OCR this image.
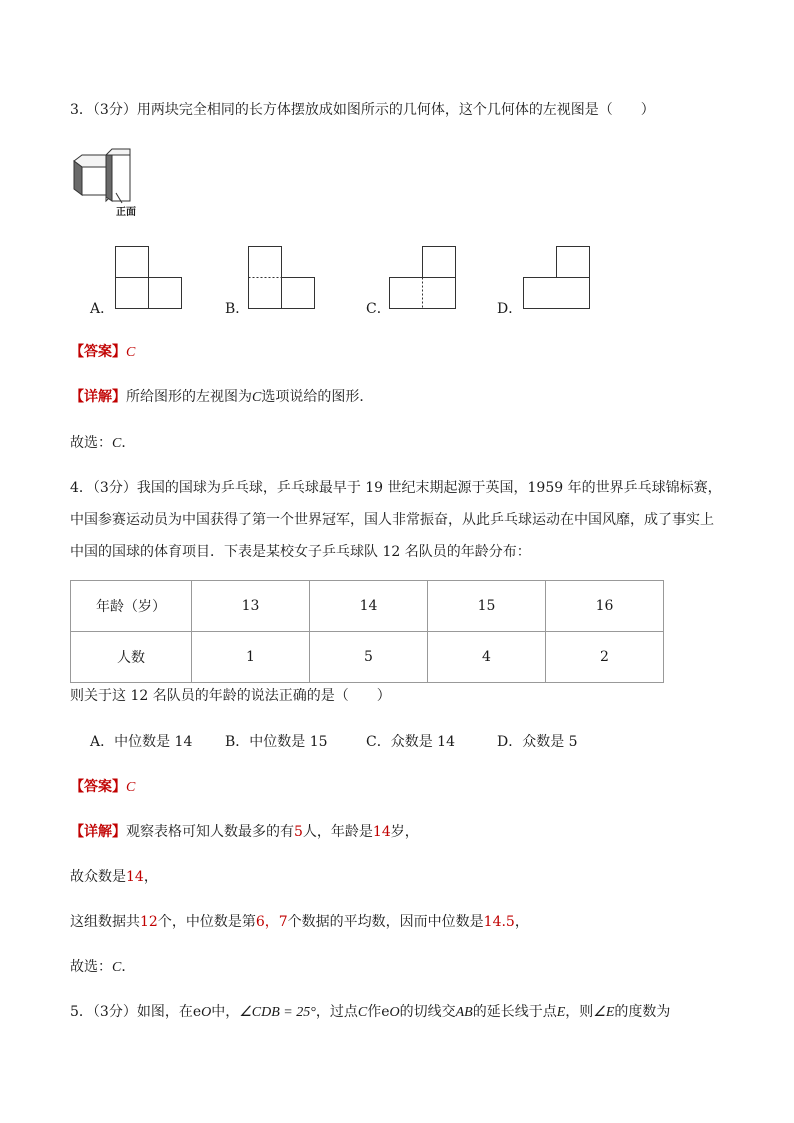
3．（3分）用两块完全相同的长方体摆放成如图所示的几何体，这个几何体的左视图是（　　）
正面
A．	B．	C．	D．
【答案】C
【详解】所给图形的左视图为C选项说给的图形．
故选：C．
4．（3分）我国的国球为乒乓球，乒乓球最早于 19 世纪末期起源于英国，1959 年的世界乒乓球锦标赛，
中国参赛运动员为中国获得了第一个世界冠军，国人非常振奋，从此乒乓球运动在中国风靡，成了事实上
中国的国球的体育项目．下表是某校女子乒乓球队 12 名队员的年龄分布：
年龄（岁）	13	14	15	16
人数	1	5	4	2
则关于这 12 名队员的年龄的说法正确的是（　　）
A．中位数是 14 B．中位数是 15	C．众数是 14	D．众数是 5
【答案】C
【详解】观察表格可知人数最多的有5人，年龄是14岁，
故众数是14，
这组数据共12个，中位数是第6，7个数据的平均数，因而中位数是14.5，
故选：C．
5．（3分）如图，在eO中，∠CDB = 25°，过点C作eO的切线交AB的延长线于点E，则∠E的度数为
